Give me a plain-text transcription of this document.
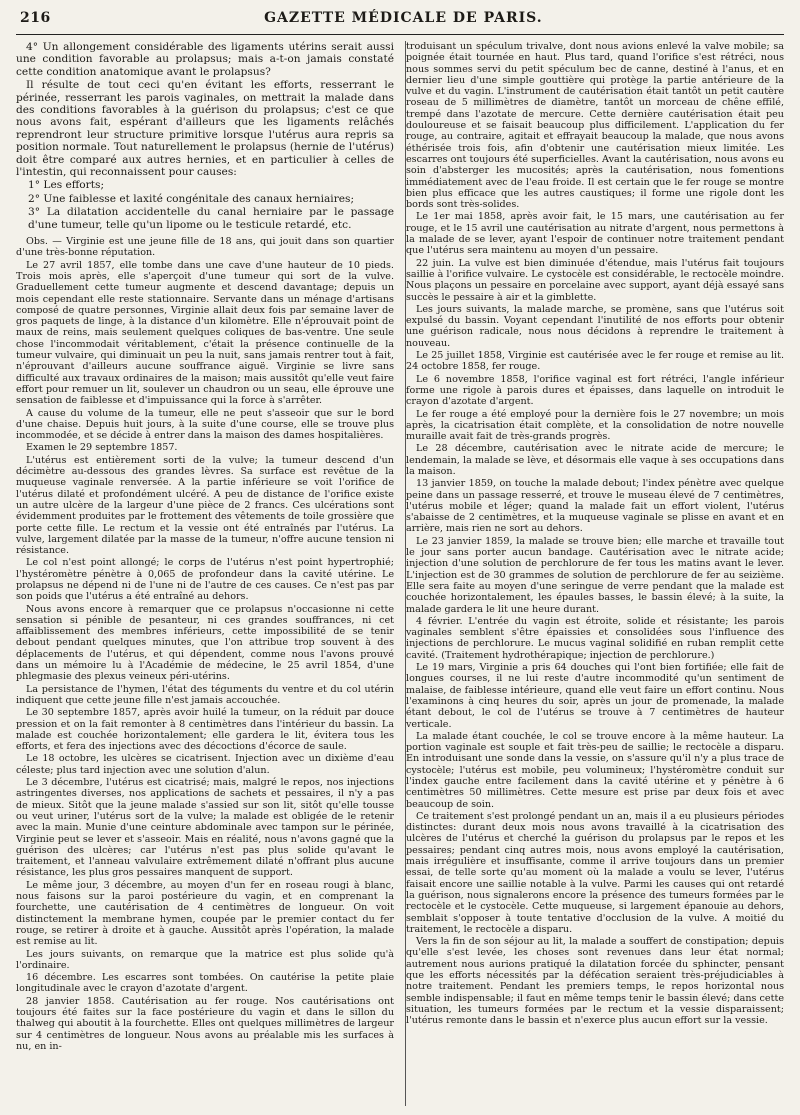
216	GAZETTE MÉDICALE DE PARIS.

4° Un allongement considérable des ligaments utérins serait aussi une condition favorable au prolapsus; mais a-t-on jamais constaté cette condition anatomique avant le prolapsus?

Il résulte de tout ceci qu'en évitant les efforts, resserrant le périnée, resserrant les parois vaginales, on mettrait la malade dans des conditions favorables à la guérison du prolapsus; c'est ce que nous avons fait, espérant d'ailleurs que les ligaments relâchés reprendront leur structure primitive lorsque l'utérus aura repris sa position normale. Tout naturellement le prolapsus (hernie de l'utérus) doit être comparé aux autres hernies, et en particulier à celles de l'intestin, qui reconnaissent pour causes:

1° Les efforts;

2° Une faiblesse et laxité congénitale des canaux herniaires;

3° La dilatation accidentelle du canal herniaire par le passage d'une tumeur, telle qu'un lipome ou le testicule retardé, etc.

Obs. — Virginie est une jeune fille de 18 ans, qui jouit dans son quartier d'une très-bonne réputation.

Le 27 avril 1857, elle tombe dans une cave d'une hauteur de 10 pieds. Trois mois après, elle s'aperçoit d'une tumeur qui sort de la vulve. Graduellement cette tumeur augmente et descend davantage; depuis un mois cependant elle reste stationnaire. Servante dans un ménage d'artisans composé de quatre personnes, Virginie allait deux fois par semaine laver de gros paquets de linge, à la distance d'un kilomètre. Elle n'éprouvait point de maux de reins, mais seulement quelques coliques de bas-ventre. Une seule chose l'incommodait véritablement, c'était la présence continuelle de la tumeur vulvaire, qui diminuait un peu la nuit, sans jamais rentrer tout à fait, n'éprouvant d'ailleurs aucune souffrance aiguë. Virginie se livre sans difficulté aux travaux ordinaires de la maison; mais aussitôt qu'elle veut faire effort pour remuer un lit, soulever un chaudron ou un seau, elle éprouve une sensation de faiblesse et d'impuissance qui la force à s'arrêter.

A cause du volume de la tumeur, elle ne peut s'asseoir que sur le bord d'une chaise. Depuis huit jours, à la suite d'une course, elle se trouve plus incommodée, et se décide à entrer dans la maison des dames hospitalières.

Examen le 29 septembre 1857.

L'utérus est entièrement sorti de la vulve; la tumeur descend d'un décimètre au-dessous des grandes lèvres. Sa surface est revêtue de la muqueuse vaginale renversée. A la partie inférieure se voit l'orifice de l'utérus dilaté et profondément ulcéré. A peu de distance de l'orifice existe un autre ulcère de la largeur d'une pièce de 2 francs. Ces ulcérations sont évidemment produites par le frottement des vêtements de toile grossière que porte cette fille. Le rectum et la vessie ont été entraînés par l'utérus. La vulve, largement dilatée par la masse de la tumeur, n'offre aucune tension ni résistance.

Le col n'est point allongé; le corps de l'utérus n'est point hypertrophié; l'hystéromètre pénètre à 0,065 de profondeur dans la cavité utérine. Le prolapsus ne dépend ni de l'une ni de l'autre de ces causes. Ce n'est pas par son poids que l'utérus a été entraîné au dehors.

Nous avons encore à remarquer que ce prolapsus n'occasionne ni cette sensation si pénible de pesanteur, ni ces grandes souffrances, ni cet affaiblissement des membres inférieurs, cette impossibilité de se tenir debout pendant quelques minutes, que l'on attribue trop souvent à des déplacements de l'utérus, et qui dépendent, comme nous l'avons prouvé dans un mémoire lu à l'Académie de médecine, le 25 avril 1854, d'une phlegmasie des plexus veineux péri-utérins.

La persistance de l'hymen, l'état des téguments du ventre et du col utérin indiquent que cette jeune fille n'est jamais accouchée.

Le 30 septembre 1857, après avoir huilé la tumeur, on la réduit par douce pression et on la fait remonter à 8 centimètres dans l'intérieur du bassin. La malade est couchée horizontalement; elle gardera le lit, évitera tous les efforts, et fera des injections avec des décoctions d'écorce de saule.

Le 18 octobre, les ulcères se cicatrisent. Injection avec un dixième d'eau céleste; plus tard injection avec une solution d'alun.

Le 3 décembre, l'utérus est cicatrisé; mais, malgré le repos, nos injections astringentes diverses, nos applications de sachets et pessaires, il n'y a pas de mieux. Sitôt que la jeune malade s'assied sur son lit, sitôt qu'elle tousse ou veut uriner, l'utérus sort de la vulve; la malade est obligée de le retenir avec la main. Munie d'une ceinture abdominale avec tampon sur le périnée, Virginie peut se lever et s'asseoir. Mais en réalité, nous n'avons gagné que la guérison des ulcères; car l'utérus n'est pas plus solide qu'avant le traitement, et l'anneau valvulaire extrêmement dilaté n'offrant plus aucune résistance, les plus gros pessaires manquent de support.

Le même jour, 3 décembre, au moyen d'un fer en roseau rougi à blanc, nous faisons sur la paroi postérieure du vagin, et en comprenant la fourchette, une cautérisation de 4 centimètres de longueur. On voit distinctement la membrane hymen, coupée par le premier contact du fer rouge, se retirer à droite et à gauche. Aussitôt après l'opération, la malade est remise au lit.

Les jours suivants, on remarque que la matrice est plus solide qu'à l'ordinaire.

16 décembre. Les escarres sont tombées. On cautérise la petite plaie longitudinale avec le crayon d'azotate d'argent.

28 janvier 1858. Cautérisation au fer rouge. Nos cautérisations ont toujours été faites sur la face postérieure du vagin et dans le sillon du thalweg qui aboutit à la fourchette. Elles ont quelques millimètres de largeur sur 4 centimètres de longueur. Nous avons au préalable mis les surfaces à nu, en in-

troduisant un spéculum trivalve, dont nous avions enlevé la valve mobile; sa poignée était tournée en haut. Plus tard, quand l'orifice s'est rétréci, nous nous sommes servi du petit spéculum bec de canne, destiné à l'anus, et en dernier lieu d'une simple gouttière qui protège la partie antérieure de la vulve et du vagin. L'instrument de cautérisation était tantôt un petit cautère roseau de 5 millimètres de diamètre, tantôt un morceau de chêne effilé, trempé dans l'azotate de mercure. Cette dernière cautérisation était peu douloureuse et se faisait beaucoup plus difficilement. L'application du fer rouge, au contraire, agitait et effrayait beaucoup la malade, que nous avons éthérisée trois fois, afin d'obtenir une cautérisation mieux limitée. Les escarres ont toujours été superficielles. Avant la cautérisation, nous avons eu soin d'absterger les mucosités; après la cautérisation, nous fomentions immédiatement avec de l'eau froide. Il est certain que le fer rouge se montre bien plus efficace que les autres caustiques; il forme une rigole dont les bords sont très-solides.

Le 1er mai 1858, après avoir fait, le 15 mars, une cautérisation au fer rouge, et le 15 avril une cautérisation au nitrate d'argent, nous permettons à la malade de se lever, ayant l'espoir de continuer notre traitement pendant que l'utérus sera maintenu au moyen d'un pessaire.

22 juin. La vulve est bien diminuée d'étendue, mais l'utérus fait toujours saillie à l'orifice vulvaire. Le cystocèle est considérable, le rectocèle moindre. Nous plaçons un pessaire en porcelaine avec support, ayant déjà essayé sans succès le pessaire à air et la gimblette.

Les jours suivants, la malade marche, se promène, sans que l'utérus soit expulsé du bassin. Voyant cependant l'inutilité de nos efforts pour obtenir une guérison radicale, nous nous décidons à reprendre le traitement à nouveau.

Le 25 juillet 1858, Virginie est cautérisée avec le fer rouge et remise au lit. 24 octobre 1858, fer rouge.

Le 6 novembre 1858, l'orifice vaginal est fort rétréci, l'angle inférieur forme une rigole à parois dures et épaisses, dans laquelle on introduit le crayon d'azotate d'argent.

Le fer rouge a été employé pour la dernière fois le 27 novembre; un mois après, la cicatrisation était complète, et la consolidation de notre nouvelle muraille avait fait de très-grands progrès.

Le 28 décembre, cautérisation avec le nitrate acide de mercure; le lendemain, la malade se lève, et désormais elle vaque à ses occupations dans la maison.

13 janvier 1859, on touche la malade debout; l'index pénètre avec quelque peine dans un passage resserré, et trouve le museau élevé de 7 centimètres, l'utérus mobile et léger; quand la malade fait un effort violent, l'utérus s'abaisse de 2 centimètres, et la muqueuse vaginale se plisse en avant et en arrière, mais rien ne sort au dehors.

Le 23 janvier 1859, la malade se trouve bien; elle marche et travaille tout le jour sans porter aucun bandage. Cautérisation avec le nitrate acide; injection d'une solution de perchlorure de fer tous les matins avant le lever. L'injection est de 30 grammes de solution de perchlorure de fer au seizième. Elle sera faite au moyen d'une seringue de verre pendant que la malade est couchée horizontalement, les épaules basses, le bassin élevé; à la suite, la malade gardera le lit une heure durant.

4 février. L'entrée du vagin est étroite, solide et résistante; les parois vaginales semblent s'être épaissies et consolidées sous l'influence des injections de perchlorure. Le mucus vaginal solidifié en ruban remplit cette cavité. (Traitement hydrothérapique; injection de perchlorure.)

Le 19 mars, Virginie a pris 64 douches qui l'ont bien fortifiée; elle fait de longues courses, il ne lui reste d'autre incommodité qu'un sentiment de malaise, de faiblesse intérieure, quand elle veut faire un effort continu. Nous l'examinons à cinq heures du soir, après un jour de promenade, la malade étant debout, le col de l'utérus se trouve à 7 centimètres de hauteur verticale.

La malade étant couchée, le col se trouve encore à la même hauteur. La portion vaginale est souple et fait très-peu de saillie; le rectocèle a disparu. En introduisant une sonde dans la vessie, on s'assure qu'il n'y a plus trace de cystocèle; l'utérus est mobile, peu volumineux; l'hystéromètre conduit sur l'index gauche entre facilement dans la cavité utérine et y pénètre à 6 centimètres 50 millimètres. Cette mesure est prise par deux fois et avec beaucoup de soin.

Ce traitement s'est prolongé pendant un an, mais il a eu plusieurs périodes distinctes: durant deux mois nous avons travaillé à la cicatrisation des ulcères de l'utérus et cherché la guérison du prolapsus par le repos et les pessaires; pendant cinq autres mois, nous avons employé la cautérisation, mais irrégulière et insuffisante, comme il arrive toujours dans un premier essai, de telle sorte qu'au moment où la malade a voulu se lever, l'utérus faisait encore une saillie notable à la vulve. Parmi les causes qui ont retardé la guérison, nous signalerons encore la présence des tumeurs formées par le rectocèle et le cystocèle. Cette muqueuse, si largement épanouie au dehors, semblait s'opposer à toute tentative d'occlusion de la vulve. A moitié du traitement, le rectocèle a disparu.

Vers la fin de son séjour au lit, la malade a souffert de constipation; depuis qu'elle s'est levée, les choses sont revenues dans leur état normal; autrement nous aurions pratiqué la dilatation forcée du sphincter, pensant que les efforts nécessités par la défécation seraient très-préjudiciables à notre traitement. Pendant les premiers temps, le repos horizontal nous semble indispensable; il faut en même temps tenir le bassin élevé; dans cette situation, les tumeurs formées par le rectum et la vessie disparaissent; l'utérus remonte dans le bassin et n'exerce plus aucun effort sur la vessie.
